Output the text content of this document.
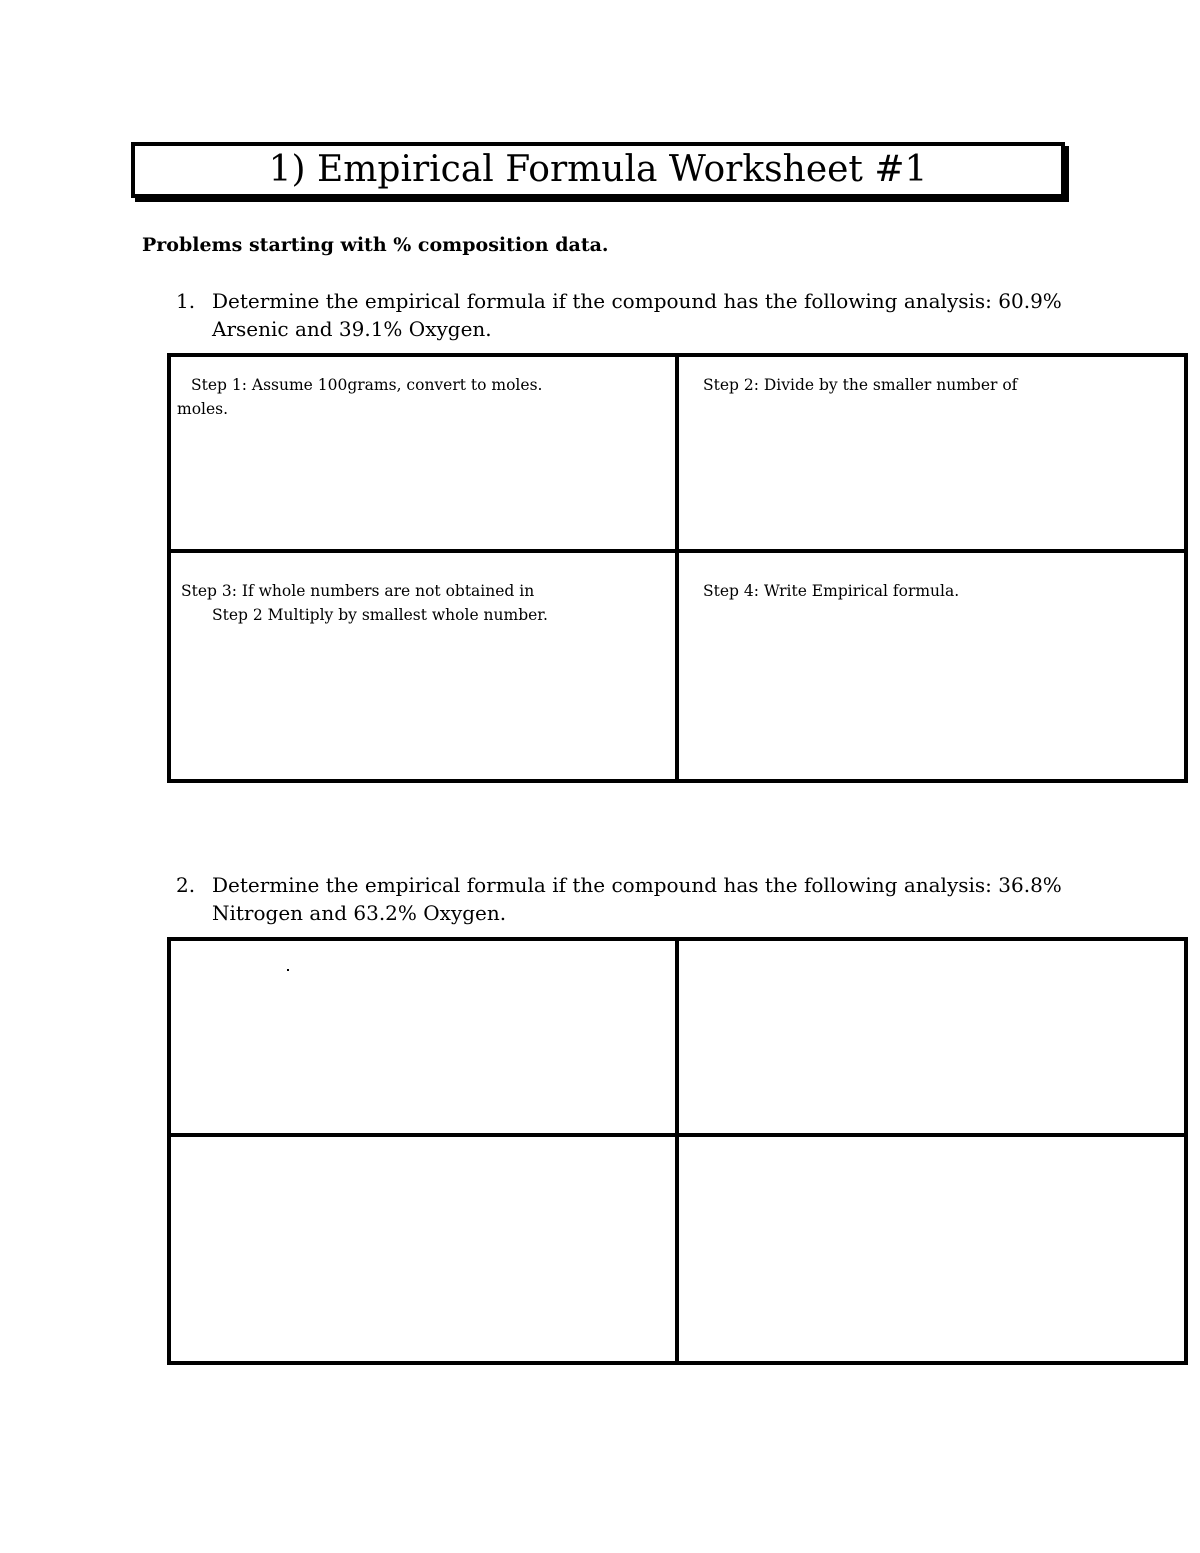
1) Empirical Formula Worksheet #1
Problems starting with % composition data.
1. Determine the empirical formula if the compound has the following analysis: 60.9%
Arsenic and 39.1% Oxygen.
Step 1: Assume 100grams, convert to moles.
moles.
Step 2: Divide by the smaller number of
Step 3: If whole numbers are not obtained in
Step 2 Multiply by smallest whole number.
Step 4: Write Empirical formula.
2. Determine the empirical formula if the compound has the following analysis: 36.8%
Nitrogen and 63.2% Oxygen.
